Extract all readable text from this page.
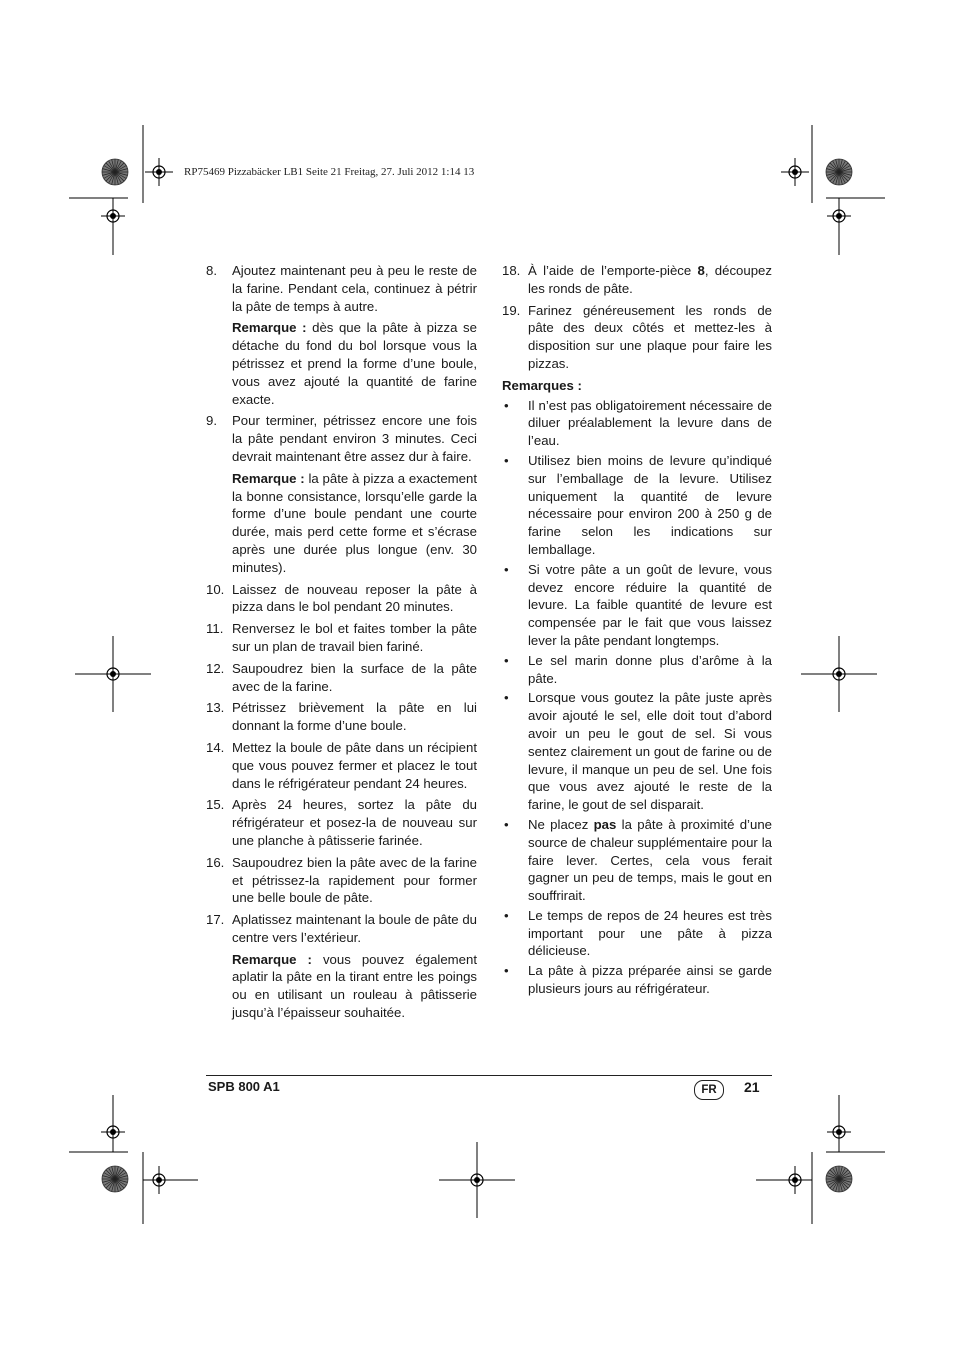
RP75469 Pizzabäcker LB1 Seite 21 Freitag, 27. Juli 2012 1:14 13
8.	Ajoutez maintenant peu à peu le reste de la farine. Pendant cela, continuez à pétrir la pâte de temps à autre.
Remarque : dès que la pâte à pizza se détache du fond du bol lorsque vous la pétrissez et prend la forme d’une boule, vous avez ajouté la quantité de farine exacte.
9.	Pour terminer, pétrissez encore une fois la pâte pendant environ 3 minutes. Ceci devrait maintenant être assez dur à faire.
Remarque : la pâte à pizza a exactement la bonne consistance, lorsqu’elle garde la forme d’une boule pendant une courte durée, mais perd cette forme et s’écrase après une durée plus longue (env. 30 minutes).
10. Laissez de nouveau reposer la pâte à pizza dans le bol pendant 20 minutes.
11. Renversez le bol et faites tomber la pâte sur un plan de travail bien fariné.
12. Saupoudrez bien la surface de la pâte avec de la farine.
13. Pétrissez brièvement la pâte en lui donnant la forme d’une boule.
14. Mettez la boule de pâte dans un récipient que vous pouvez fermer et placez le tout dans le réfrigérateur pendant 24 heures.
15. Après 24 heures, sortez la pâte du réfrigérateur et posez-la de nouveau sur une planche à pâtisserie farinée.
16. Saupoudrez bien la pâte avec de la farine et pétrissez-la rapidement pour former une belle boule de pâte.
17. Aplatissez maintenant la boule de pâte du centre vers l’extérieur.
Remarque : vous pouvez également aplatir la pâte en la tirant entre les poings ou en utilisant un rouleau à pâtisserie jusqu’à l’épaisseur souhaitée.
18. À l’aide de l’emporte-pièce 8, découpez les ronds de pâte.
19. Farinez généreusement les ronds de pâte des deux côtés et mettez-les à disposition sur une plaque pour faire les pizzas.
Remarques :
•	Il n’est pas obligatoirement nécessaire de diluer préalablement la levure dans de l’eau.
•	Utilisez bien moins de levure qu’indiqué sur l’emballage de la levure. Utilisez uniquement la quantité de levure nécessaire pour environ 200 à 250 g de farine selon les indications sur lemballage.
•	Si votre pâte a un goût de levure, vous devez encore réduire la quantité de levure. La faible quantité de levure est compensée par le fait que vous laissez lever la pâte pendant longtemps.
•	Le sel marin donne plus d’arôme à la pâte.
•	Lorsque vous goutez la pâte juste après avoir ajouté le sel, elle doit tout d’abord avoir un peu le gout de sel. Si vous sentez clairement un gout de farine ou de levure, il manque un peu de sel. Une fois que vous avez ajouté le reste de la farine, le gout de sel disparait.
•	Ne placez pas la pâte à proximité d’une source de chaleur supplémentaire pour la faire lever. Certes, cela vous ferait gagner un peu de temps, mais le gout en souffrirait.
•	Le temps de repos de 24 heures est très important pour une pâte à pizza délicieuse.
•	La pâte à pizza préparée ainsi se garde plusieurs jours au réfrigérateur.
SPB 800 A1	FR	21
